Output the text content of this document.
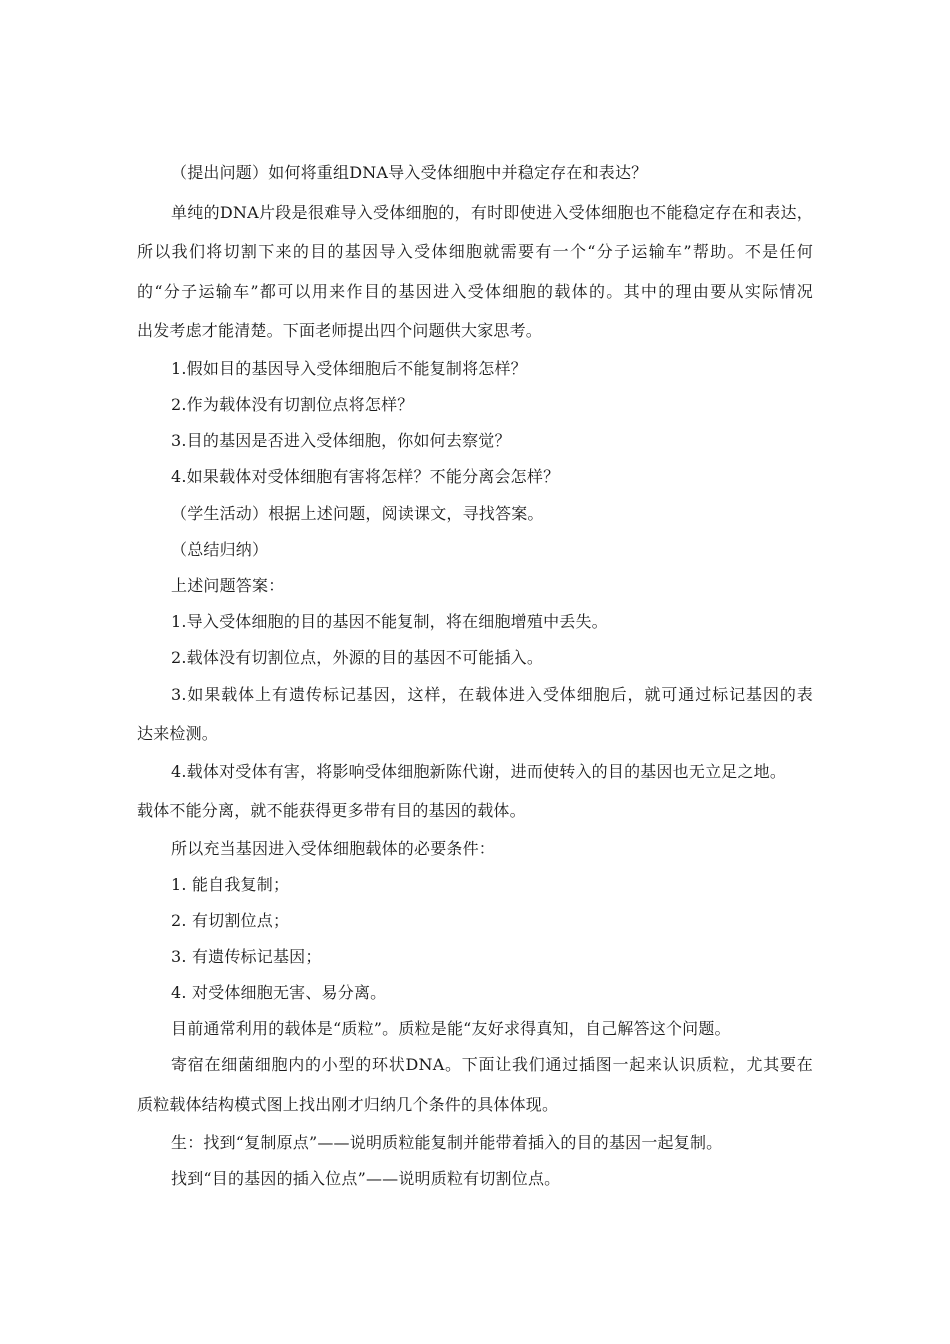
（提出问题）如何将重组DNA导入受体细胞中并稳定存在和表达？
单纯的DNA片段是很难导入受体细胞的，有时即使进入受体细胞也不能稳定存在和表达，
所以我们将切割下来的目的基因导入受体细胞就需要有一个“分子运输车”帮助。不是任何
的“分子运输车”都可以用来作目的基因进入受体细胞的载体的。其中的理由要从实际情况
出发考虑才能清楚。下面老师提出四个问题供大家思考。
1.假如目的基因导入受体细胞后不能复制将怎样？
2.作为载体没有切割位点将怎样？
3.目的基因是否进入受体细胞，你如何去察觉？
4.如果载体对受体细胞有害将怎样？不能分离会怎样？
（学生活动）根据上述问题，阅读课文，寻找答案。
（总结归纳）
上述问题答案：
1.导入受体细胞的目的基因不能复制，将在细胞增殖中丢失。
2.载体没有切割位点，外源的目的基因不可能插入。
3.如果载体上有遗传标记基因，这样，在载体进入受体细胞后，就可通过标记基因的表
达来检测。
4.载体对受体有害，将影响受体细胞新陈代谢，进而使转入的目的基因也无立足之地。
载体不能分离，就不能获得更多带有目的基因的载体。
所以充当基因进入受体细胞载体的必要条件：
1. 能自我复制；
2. 有切割位点；
3. 有遗传标记基因；
4. 对受体细胞无害、易分离。
目前通常利用的载体是“质粒”。质粒是能“友好求得真知，自己解答这个问题。
寄宿在细菌细胞内的小型的环状DNA。下面让我们通过插图一起来认识质粒，尤其要在
质粒载体结构模式图上找出刚才归纳几个条件的具体体现。
生：找到“复制原点”——说明质粒能复制并能带着插入的目的基因一起复制。
找到“目的基因的插入位点”——说明质粒有切割位点。
